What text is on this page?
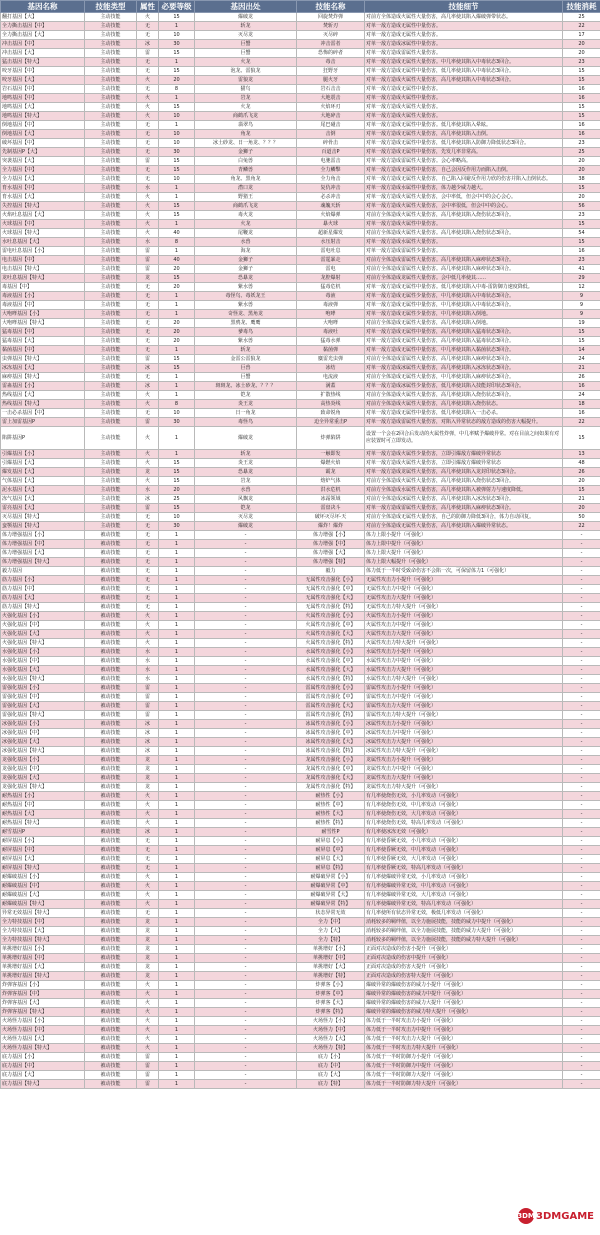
基因名称	技能类型	属性	必要等级	基因出处	技能名称	技能细节	技能消耗
翻打基因【大】	主动技能	火	15	爆破龙	回旋焚炸弹	对前方全体造成火属性大量伤害，高几率使其陷入爆破弹带状态。	25
全力撕击基因【中】	主动技能	无	1	斩龙	焚斩刃	对单一敌方造成无属性中量伤害。	22
全力撕击基因【大】	主动技能	无	10	灭尽龙	灭尽碎	对单一敌方造成无属性大量伤害。	17
冲击基因【中】	主动技能	冰	30	巨蟹	冲击雷者	对单一敌方造成冰属性中量伤害。	20
冲击基因【大】	主动技能	雷	15	巨蟹	恐怖的碎者	对单一敌方造成雷属性大量伤害。	20
猛击基因【特大】	主动技能	无	1	火龙	毒击	对单一敌方造成无属性大量伤害。中几率使其陷入中毒状态3回合。	23
咬牙基因【中】	主动技能	无	15	泡龙、雷狼龙	狂野牙	对单一敌方造成无属性中量伤害，低几率使其陷入中毒状态3回合。	15
咬牙基因【大】	主动技能	火	20	雷狼龙	腿火牙	对单一敌方造成火属性大量伤害，高几率使其陷入中毒状态3回合。	15
岩石基因【中】	主动技能	无	8	猫鸟	岩石击击	对单一敌方造成无属性中量伤害。	16
地鸣基因【中】	主动技能	火	1	岩龙	大地震击	对单一敌方造成火属性中量伤害。	16
地鸣基因【大】	主动技能	火	15	火龙	火焰环刃	对单一敌方造成火属性大量伤害。	15
地鸣基因【特大】	主动技能	火	10	商鹤爪飞龙	大地碎击	对单一敌方造成火属性大量伤害。	15
倒地基因【中】	主动技能	无	1	翡翠鸟	尾巴碰击	对单一敌方造成无属性中量伤害。低几率使其陷入晕眩。	16
倒地基因【大】	主动技能	无	10	角龙	击倒	对单一敌方造成无属性大量伤害，高几率使其陷入击倒。	16
破坏基因【中】	主动技能	无	10	冰土砂龙、日一角龙、？？？	碎骨击	对单一敌方造成无属性中量伤害，低几率使其陷入防御力降低状态3回合。	23
先制基因P【大】	主动技能	无	30	金狮子	百道击P	对单一敌方造成无属性中量伤害，先发几率非常高。	25
突袭基因【大】	主动技能	雷	15	白兔兽	电驰雷击	对单一敌方造成雷属性大量伤害。会心率略高。	20
全力基因【中】	主动技能	无	15	青鳞兽	全力鳞擊	对单一敌方造成无属性中量伤害，自己会因反作用力而陷入击倒。	20
全力基因【大】	主动技能	无	10	角龙、黑角龙	全力角击	对单一敌方造成无属性大量伤害，自己陷入回避反作用力欣的伤害并陷入击倒状态。	38
育水基因【中】	主动技能	水	1	潜口龙	复仇冲击	对单一敌方造成水属性中量伤害，体力越少威力越大。	15
育水基因【大】	主动技能	火	1	野猪王	必杀冲击	对单一敌方造成火属性大量伤害，会中率低，但会中中的会心会心。	20
失控基因【特大】	主动技能	火	15	商鹤爪飞龙	魂魄天斩	对单一敌方造成火属性大量伤害，会中率很低，但会中中的会心。	56
火焰吐息基因【大】	主动技能	火	15	毒火龙	火焰爆弹	对前方全体造成火属性大量伤害，高几率使其陷入烧伤状态3回合。	23
火球基因【中】	主动技能	火	1	火龙	暴火球	对单一敌方造成火属性中量伤害。	15
火球基因【特大】	主动技能	火	40	尾鞭龙	超新星爆发	对前方全体造成火属性大量伤害。高几率使其陷入烧伤状态3回合。	54
水吐息基因【大】	主动技能	水	8	水兽	水压射击	对单一敌方造成水属性大量伤害。	15
雷电吐息基因【小】	主动技能	雷	1	海龙	雷电吐息	对单一敌方造成雷属性少量伤害。	16
电击基因【中】	主动技能	雷	40	金狮子	雷霆暴走	对前方全体造成雷属性大量伤害。高几率使其陷入麻痹状态3回合。	23
电击基因【特大】	主动技能	雷	20	金狮子	雷电	对前方全体造成雷属性大量伤害。高几率使其陷入麻痹状态3回合。	41
龙吐息基因【特大】	主动技能	龙	15	恐暴龙	龙腔爆射	对前方全体造成龙属性大量伤害。会中低几率使其……	29
毒基因【中】	主动技能	无	20	紫水兽	猛毒危机	对单一敌方造成无属性中量伤害。低几率使其陷入中毒-雷防御力速度降低。	12
毒液基因【小】	主动技能	无	1	毒怪鸟、毒妖龙王	毒液	对单一敌方造成无属性少量伤害，中几率使其陷入中毒状态3回合。	9
毒液基因【中】	主动技能	无	1	紫水兽	毒液弹	对单一敌方造成无属性中量伤害，中几率使其陷入中毒状态3回合。	9
大咆哮基因【小】	主动技能	无	1	奇怪龙、黑角龙	咆哮	对单一敌方造成无属性少量伤害，中几率使其陷入倒地。	9
大咆哮基因【特大】	主动技能	无	20	黑鸦龙、鹰鹰	大咆哮	对前方全体造成无属性大量伤害，高几率使其陷入倒地。	19
猛毒基因【中】	主动技能	无	20	爹毒鸟	毒液吐	对单一敌方造成无属性中量伤害，高几率使其陷入猛毒状态3回合。	15
猛毒基因【大】	主动技能	无	20	紫水兽	猛毒水弹	对单一敌方造成无属性大量伤害，高几率使其陷入猛毒状态3回合。	15
黏菌基因【中】	主动技能	无	1	斩龙	黏菌弹	对单一敌方造成无属性中量伤害，中几率使其陷入黏菌状态3回合。	14
虫弹基因【特大】	主动技能	雷	15	金雷公雷狼龙	麋雷光虫弹	对前方全体造成雷属性大量伤害，高几率使其陷入麻痹状态3回合。	24
冰冻基因【大】	主动技能	冰	15	巨兽	冰结	对单一敌方造成冰属性大量伤害，高几率使其陷入冰冻状态3回合。	21
麻痹基因【特大】	主动技能	无	1	巨蟹	电流液	对前方全体造成无属性大量伤害，中几率使其陷入麻痹状态3回合。	26
雷蛊基因【小】	主动技能	冰	1	斑斑龙、冰土砂龙、？？？	满蓋	对单一敌方造成冰属性少量伤害，低几率使其陷入技能封印状态3回合。	16
热线基因【大】	主动技能	火	1	铠龙	扩散热线	对前方全体造成火属性大量伤害，高几率使其陷入烧伤状态3回合。	24
热线基因【特大】	主动技能	火	8	炎王龙	高热炎线	对前方全体造成火属性大量伤害，高几率使其陷入烧伤状态。	18
一击必杀基因【中】	主动技能	无	10	日一角龙	致命锐角	对单一敌方造成无属性中量伤害，低几率使其陷入一击必杀。	16
雷上加雷基因P	主动技能	雷	30	毒怪鸟	迫全异常重击P	对单一敌方造成雷属性大量伤害，对陷入异常状态的敌方造成的伤害大幅提升。	22
陷阱基因P	主动技能	火	1	爆破龙	炸弹陷阱	设置一个会在2回合后发动的火属性炸弹，中几率赋予爆破异常。对在目前之间如果有对应装置时可立即发动。	15
引爆基因【小】	主动技能	火	1	斩龙	一触即发	对单一敌方造成火属性少量伤害，立即引爆敌方爆破异常状态	13
引爆基因【大】	主动技能	火	15	炎王龙	爆燃火焰	对单一敌方造成火属性大量伤害，立即引爆敌方爆破异常状态	48
爆发基因【大】	主动技能	龙	15	恐暴龙	霸龙	对单一敌方造成龙属性大量伤害，高几率使其陷入龙封印状态3回合。	26
气体基因【大】	主动技能	火	15	岩龙	熔炉气体	对前方全体造成火属性大量伤害，高几率使其陷入烧伤状态3回合。	20
泥水基因【大】	主动技能	水	20	水兽	洪水危机	对前方全体造成水属性大量伤害，高几率使其陷入被弹射力与速度降低。	15
冻气基因【大】	主动技能	冰	25	风飘龙	冰霜领域	对前方全体造成冰属性大量伤害，高几率使其陷入冰冻状态3回合。	21
雷亮基因【大】	主动技能	雷	15	铠龙	雷盘决斗	对单一敌方造成雷属性大量伤害，高几率使其陷入麻痹状态3回合。	20
灭尽基因【特大】	主动技能	无	10	灭尽龙	破坏灭尽坏·天	对前方全体造成无属性大量伤害，自己的防御力降低3回合，体力自动回复。	50
蛮颚基因【特大】	主动技能	无	30	爆破龙	爆炸！爆炸	对前方全体造成无属性大量伤害，高几率使其陷入爆破异常状态。	22
体力增强基因【小】	被动技能	无	1	-	体力增强【小】	体力上限小提升（可强化）	-
体力增强基因【中】	被动技能	无	1	-	体力增强【中】	体力上限中提升（可强化）	-
体力增强基因【大】	被动技能	无	1	-	体力增强【大】	体力上限大提升（可强化）	-
体力增强基因【特大】	被动技能	无	1	-	体力增强【特】	体力上限大幅提升（可强化）	-
毅力基因	被动技能	无	1	-	毅力	体力低于一半时受致命伤害不会陷一次，可保留体力1（可强化）	-
筋力基因【小】	被动技能	无	1	-	无属性攻击强化【小】	无属性攻击力小提升（可强化）	-
筋力基因【中】	被动技能	无	1	-	无属性攻击强化【中】	无属性攻击力中提升（可强化）	-
筋力基因【大】	被动技能	无	1	-	无属性攻击强化【大】	无属性攻击力大提升（可强化）	-
筋力基因【特大】	被动技能	无	1	-	无属性攻击强化【特】	无属性攻击力特大提升（可强化）	-
火强化基因【小】	被动技能	火	1	-	火属性攻击强化【小】	火属性攻击力小提升（可强化）	-
火强化基因【中】	被动技能	火	1	-	火属性攻击强化【中】	火属性攻击力中提升（可强化）	-
火强化基因【大】	被动技能	火	1	-	火属性攻击强化【大】	火属性攻击力大提升（可强化）	-
火强化基因【特大】	被动技能	火	1	-	火属性攻击强化【特】	火属性攻击力特大提升（可强化）	-
水强化基因【小】	被动技能	水	1	-	水属性攻击强化【小】	水属性攻击力小提升（可强化）	-
水强化基因【中】	被动技能	水	1	-	水属性攻击强化【中】	水属性攻击力中提升（可强化）	-
水强化基因【大】	被动技能	水	1	-	水属性攻击强化【大】	水属性攻击力大提升（可强化）	-
水强化基因【特大】	被动技能	水	1	-	水属性攻击强化【特】	水属性攻击力特大提升（可强化）	-
雷强化基因【小】	被动技能	雷	1	-	雷属性攻击强化【小】	雷属性攻击力小提升（可强化）	-
雷强化基因【中】	被动技能	雷	1	-	雷属性攻击强化【中】	雷属性攻击力中提升（可强化）	-
雷强化基因【大】	被动技能	雷	1	-	雷属性攻击强化【大】	雷属性攻击力大提升（可强化）	-
雷强化基因【特大】	被动技能	雷	1	-	雷属性攻击强化【特】	雷属性攻击力特大提升（可强化）	-
冰强化基因【小】	被动技能	冰	1	-	冰属性攻击强化【小】	冰属性攻击力小提升（可强化）	-
冰强化基因【中】	被动技能	冰	1	-	冰属性攻击强化【中】	冰属性攻击力中提升（可强化）	-
冰强化基因【大】	被动技能	冰	1	-	冰属性攻击强化【大】	冰属性攻击力大提升（可强化）	-
冰强化基因【特大】	被动技能	冰	1	-	冰属性攻击强化【特】	冰属性攻击力特大提升（可强化）	-
龙强化基因【小】	被动技能	龙	1	-	龙属性攻击强化【小】	龙属性攻击力小提升（可强化）	-
龙强化基因【中】	被动技能	龙	1	-	龙属性攻击强化【中】	龙属性攻击力中提升（可强化）	-
龙强化基因【大】	被动技能	龙	1	-	龙属性攻击强化【大】	龙属性攻击力大提升（可强化）	-
龙强化基因【特大】	被动技能	龙	1	-	龙属性攻击强化【特】	龙属性攻击力特大提升（可强化）	-
耐热基因【小】	被动技能	火	1	-	耐热性【小】	有几率使烧伤无效，小几率发动（可强化）	-
耐热基因【中】	被动技能	火	1	-	耐热性【中】	有几率使烧伤无效，中几率发动（可强化）	-
耐热基因【大】	被动技能	火	1	-	耐热性【大】	有几率使烧伤无效，大几率发动（可强化）	-
耐热基因【特大】	被动技能	火	1	-	耐热性【特】	有几率使烧伤无效，特高几率发动（可强化）	-
耐雪基因P	被动技能	冰	1	-	耐雪性P	有几率使冰冻无效（可强化）	-
耐屏基因【小】	被动技能	无	1	-	耐屏息【小】	有几率使昏厥无效，小几率发动（可强化）	-
耐屏基因【中】	被动技能	无	1	-	耐屏息【中】	有几率使昏厥无效，中几率发动（可强化）	-
耐屏基因【大】	被动技能	无	1	-	耐屏息【大】	有几率使昏厥无效，大几率发动（可强化）	-
耐屏基因【特大】	被动技能	无	1	-	耐屏息【特】	有几率使昏厥无效，特高几率发动（可强化）	-
耐爆破基因【小】	被动技能	火	1	-	耐爆破异常【小】	有几率使爆破异常无效，小几率发动（可强化）	-
耐爆破基因【中】	被动技能	火	1	-	耐爆破异常【中】	有几率使爆破异常无效，中几率发动（可强化）	-
耐爆破基因【大】	被动技能	火	1	-	耐爆破异常【大】	有几率使爆破异常无效，大几率发动（可强化）	-
耐爆破基因【特大】	被动技能	火	1	-	耐爆破异常【特】	有几率使爆破异常无效，特高几率发动（可强化）	-
异常无效基因【特大】	被动技能	无	1	-	状态异常无效	有几率使所有状态异常无效，极低几率发动（可强化）	-
全力特技基因【中】	被动技能	龙	1	-	全力【中】	消耗较多的羁绊值，以全力施展技能，技能的威力中提升（可强化）	-
全力特技基因【大】	被动技能	龙	1	-	全力【大】	消耗较多的羁绊值，以全力施展技能，技能的威力大提升（可强化）	-
全力特技基因【特大】	被动技能	龙	1	-	全力【特】	消耗较多的羁绊值，以全力施展技能，技能的威力特大提升（可强化）	-
单挑增好基因【小】	被动技能	龙	1	-	单挑增好【小】	正面对决造成的伤害小提升（可强化）	-
单挑增好基因【中】	被动技能	龙	1	-	单挑增好【中】	正面对决造成的伤害中提升（可强化）	-
单挑增好基因【大】	被动技能	龙	1	-	单挑增好【大】	正面对决造成的伤害大提升（可强化）	-
单挑增好基因【特大】	被动技能	龙	1	-	单挑增好【特】	正面对决造成的伤害特大提升（可强化）	-
炸弹客基因【小】	被动技能	火	1	-	炸弹客【小】	爆破异常的爆破伤害的威力小提升（可强化）	-
炸弹客基因【中】	被动技能	火	1	-	炸弹客【中】	爆破异常的爆破伤害的威力中提升（可强化）	-
炸弹客基因【大】	被动技能	火	1	-	炸弹客【大】	爆破异常的爆破伤害的威力大提升（可强化）	-
炸弹客基因【特大】	被动技能	火	1	-	炸弹客【特】	爆破异常的爆破伤害的威力特大提升（可强化）	-
火场怪力基因【小】	被动技能	火	1	-	火场怪力【小】	体力低于一半时攻击力小提升（可强化）	-
火场怪力基因【中】	被动技能	火	1	-	火场怪力【中】	体力低于一半时攻击力中提升（可强化）	-
火场怪力基因【大】	被动技能	火	1	-	火场怪力【大】	体力低于一半时攻击力大提升（可强化）	-
火场怪力基因【特大】	被动技能	火	1	-	火场怪力【特】	体力低于一半时攻击力特大提升（可强化）	-
底力基因【小】	被动技能	雷	1	-	底力【小】	体力低于一半时防御力小提升（可强化）	-
底力基因【中】	被动技能	雷	1	-	底力【中】	体力低于一半时防御力中提升（可强化）	-
底力基因【大】	被动技能	雷	1	-	底力【大】	体力低于一半时防御力大提升（可强化）	-
底力基因【特大】	被动技能	雷	1	-	底力【特】	体力低于一半时防御力特大提升（可强化）	-
3DM 3DMGAME
